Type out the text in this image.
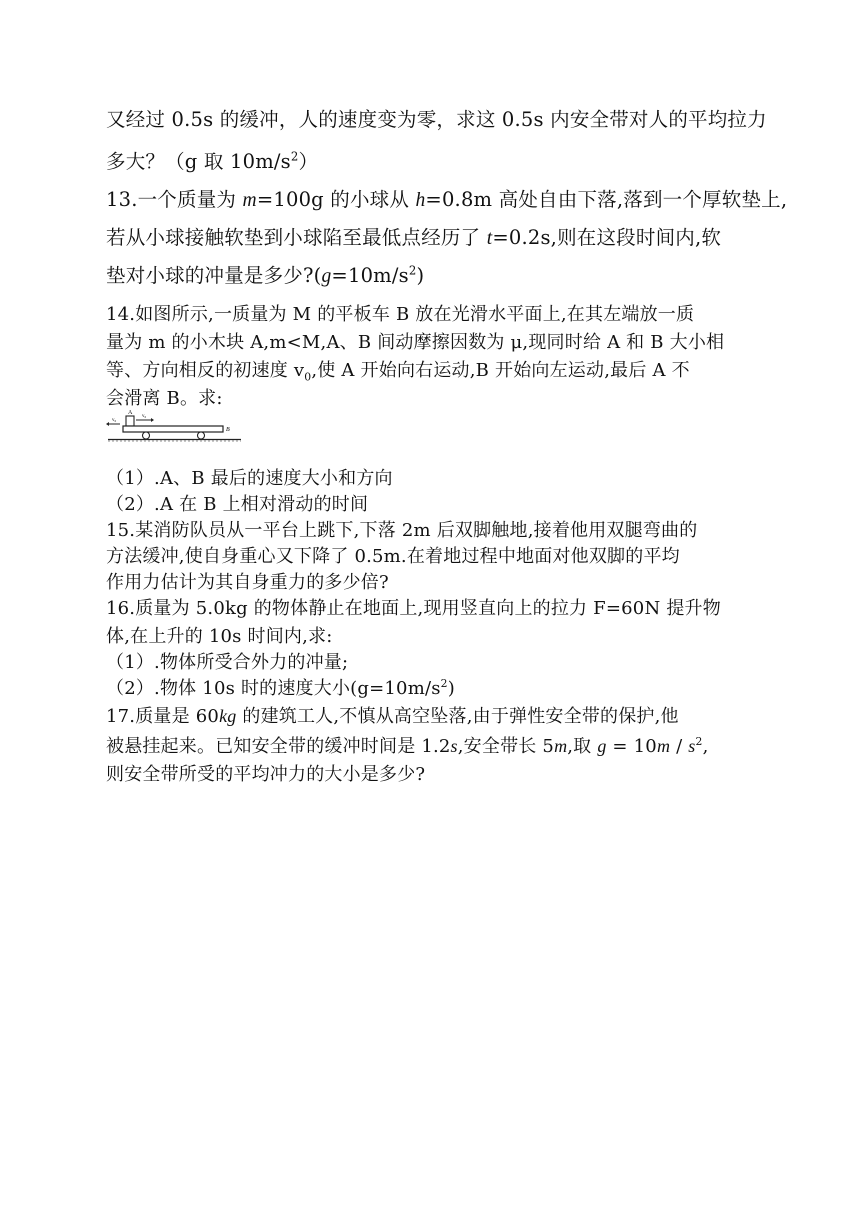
又经过 0.5s 的缓冲，人的速度变为零，求这 0.5s 内安全带对人的平均拉力
多大？（g 取 $10m/s^2$）
13.一个质量为 m=100g 的小球从 h=0.8m 高处自由下落,落到一个厚软垫上,
若从小球接触软垫到小球陷至最低点经历了 t=0.2s,则在这段时间内,软
垫对小球的冲量是多少$?(g=10m/s^2)$
14.如图所示,一质量为 M 的平板车 B 放在光滑水平面上,在其左端放一质
量为 m 的小木块 A,m<M,A、B 间动摩擦因数为 μ,现同时给 A 和 B 大小相
等、方向相反的初速度 $v_0$,使 A 开始向右运动,B 开始向左运动,最后 A 不
会滑离 B。求:
A
B
v₀
v₀
（1）.A、B 最后的速度大小和方向
（2）.A 在 B 上相对滑动的时间
15.某消防队员从一平台上跳下,下落 2m 后双脚触地,接着他用双腿弯曲的
方法缓冲,使自身重心又下降了 0.5m.在着地过程中地面对他双脚的平均
作用力估计为其自身重力的多少倍?
16.质量为 5.0kg 的物体静止在地面上,现用竖直向上的拉力 F=60N 提升物
体,在上升的 10s 时间内,求:
（1）.物体所受合外力的冲量;
（2）.物体 10s 时的速度大小$(g=10m/s^2)$
17.质量是 60kg 的建筑工人,不慎从高空坠落,由于弹性安全带的保护,他
被悬挂起来。已知安全带的缓冲时间是 1.2s,安全带长 5m,取 $g = 10m / s^2$,
则安全带所受的平均冲力的大小是多少?
